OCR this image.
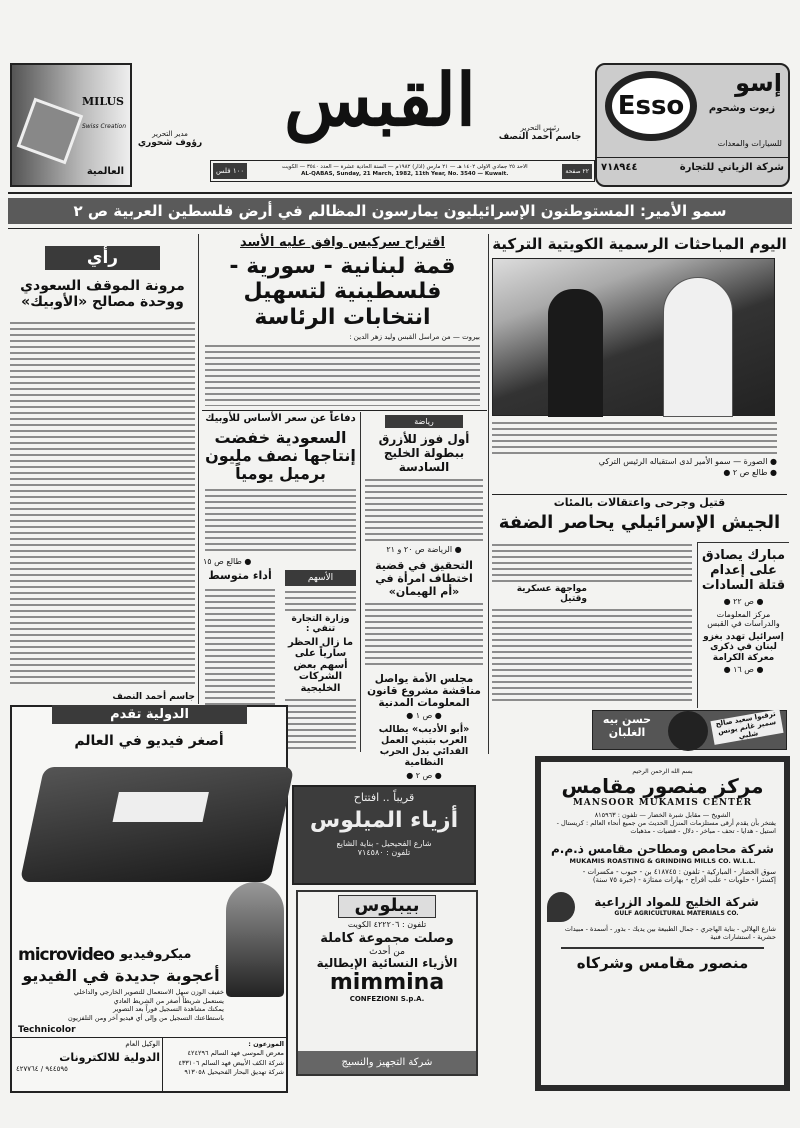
MILUS
Swiss Creation
العالمية
مدير التحرير
رؤوف شحوري
القبس	رئيس التحرير
جاسم أحمد النصف
١٠٠ فلس
الأحد ٢٥ جمادي الأولى ١٤٠٢ هـ — ٢١ مارس (آذار) ١٩٨٢م — السنة الحادية عشرة — العدد ٣٥٤٠ — الكويت
AL-QABAS, Sunday, 21 March, 1982, 11th Year, No. 3540 — Kuwait.	٢٢ صفحة
Esso
إسو
زيوت وشحوم
للسيارات والمعدات
شركة الزياني للتجارة
٧١٨٩٤٤
سمو الأمير: المستوطنون الإسرائيليون يمارسون المظالم في أرض فلسطين العربية ص ٢
رأي
مرونة الموقف السعودي ووحدة مصالح «الأوبيك»
جاسم أحمد النصف
اقتراح سركيس وافق عليه الأسد
قمة لبنانية - سورية - فلسطينية لتسهيل انتخابات الرئاسة
بيروت — من مراسل القبس وليد زهر الدين :
دفاعاً عن سعر الأساس للأوبيك
السعودية خفضت إنتاجها نصف مليون برميل يومياً
● طالع ص ١٥
أداء متوسط	الأسهم
وزارة التجارة تنفي :
ما زال الحظر سارياً على أسهم بعض الشركات الخليجية
رياضة
أول فوز للأزرق ببطولة الخليج السادسة
● الرياضة ص ٢٠ و ٢١
التحقيق في قضية اختطاف امرأة في «أم الهيمان»
مجلس الأمة يواصل مناقشة مشروع قانون المعلومات المدنية
● ص ١ ●
«أبو الأديب» يطالب العرب بتبني العمل الفدائي بدل الحرب النظامية
● ص ٢ ●
اليوم المباحثات الرسمية الكويتية التركية
● الصورة — سمو الأمير لدى استقباله الرئيس التركي
● طالع ص ٢ ●
قتيل وجرحى واعتقالات بالمئات
الجيش الإسرائيلي يحاصر الضفة
مواجهة عسكرية وقتيل
مبارك يصادق على إعدام قتلة السادات
● ص ٢٢ ●
مركز المعلومات والدراسات في القبس
إسرائيل تهدد بغزو لبنان في ذكرى معركة الكرامة
● ص ١٦ ●
حسن بيه الغلبان
ترقبوا سعيد صالح سمير غانم يونس شلبي
الدولية تقدم
أصغر فيديو في العالم
microvideo ميكروفيديو
أعجوبة جديدة في الفيديو
خفيف الوزن سهل الاستعمال للتصوير الخارجي والداخلي
يستعمل شريطاً أصغر من الشريط العادي
يمكنك مشاهدة التسجيل فوراً بعد التصوير
باستطاعتك التسجيل من وإلى أي فيديو آخر ومن التلفزيون
Technicolor
الموزعون :
معرض الموسى فهد السالم ٤٢٤٢٩٦
شركة الكف الأبيض فهد السالم ٤٣٣١٠٦
شركة تهديق البحار الفحيحيل ٩١٣٠٥٨
الوكيل العام
الدولية للالكترونات
٩٤٤٥٩٥ / ٤٢٧٧٦٤
قريباً .. افتتاح
أزياء الميلوس
شارع الفحيحيل - بناية الشايع
تلفون : ٧١٤٥٨٠
بيبلوس
تلفون : ٤٢٢٢٠٦ الكويت
وصلت مجموعة كاملة
من أحدث
الأزياء النسائية الإيطالية
mimmina
CONFEZIONI S.p.A.
شركة التجهيز والنسيج
بسم الله الرحمن الرحيم
مركز منصور مقامس
MANSOOR MUKAMIS CENTER
الشويخ — مقابل شبرة الخضار — تلفون : ٨١٥٩٦٣
يفتخر بأن يقدم أرقى مستلزمات المنزل الحديث من جميع أنحاء العالم : كريستال - استيل - هدايا - تحف - مباخر - دلال - فضيات - مذهبات
شركة محامص ومطاحن مقامس ذ.م.م
MUKAMIS ROASTING & GRINDING MILLS CO. W.L.L.
سوق الخضار - المباركية - تلفون : ٤١٨٧٤٥ بن - حبوب - مكسرات - إكسترا - حلويات - علب أفراح - بهارات ممتازة - (خبرة ٧٥ سنة)
شركة الخليج للمواد الزراعية
GULF AGRICULTURAL MATERIALS CO.
شارع الهلالي - بناية الهاجري - جمال الطبيعة بين يديك - بذور - أسمدة - مبيدات حشرية - استشارات فنية
منصور مقامس وشركاه
